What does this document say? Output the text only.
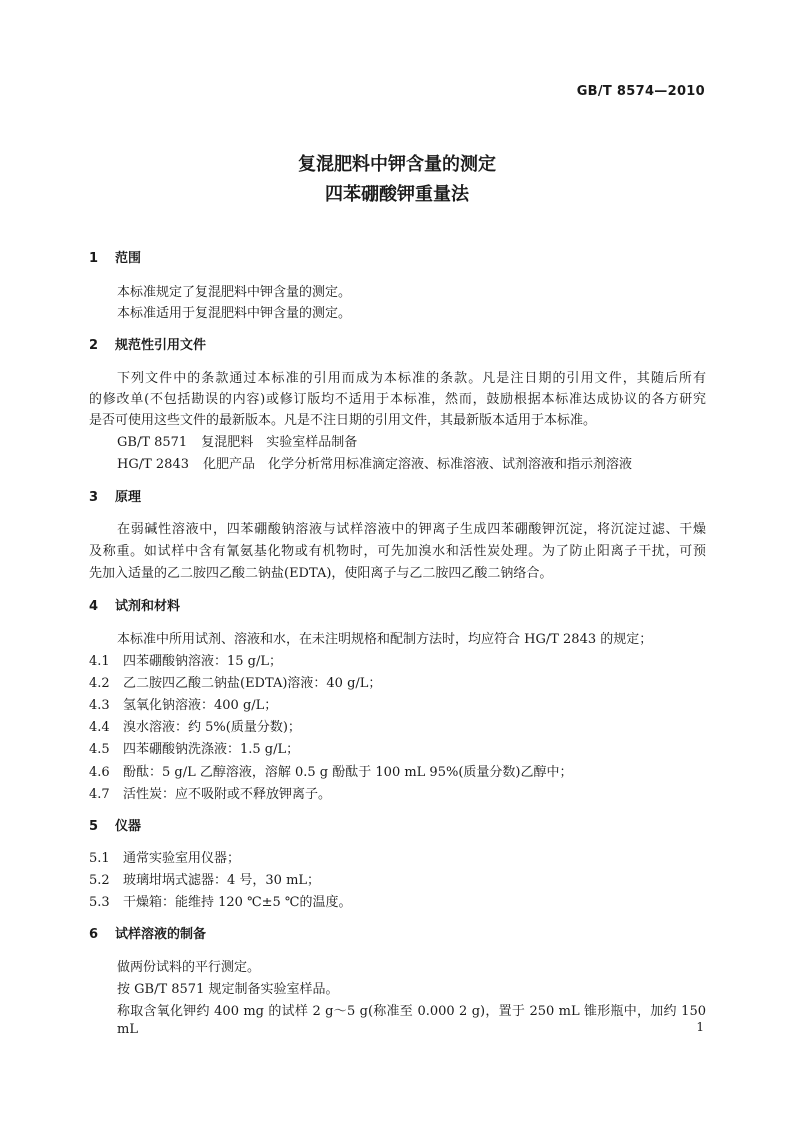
GB/T 8574—2010
复混肥料中钾含量的测定
四苯硼酸钾重量法
1 范围
本标准规定了复混肥料中钾含量的测定。
本标准适用于复混肥料中钾含量的测定。
2 规范性引用文件
下列文件中的条款通过本标准的引用而成为本标准的条款。凡是注日期的引用文件，其随后所有
的修改单(不包括勘误的内容)或修订版均不适用于本标准，然而，鼓励根据本标准达成协议的各方研究
是否可使用这些文件的最新版本。凡是不注日期的引用文件，其最新版本适用于本标准。
GB/T 8571 复混肥料　实验室样品制备
HG/T 2843 化肥产品　化学分析常用标准滴定溶液、标准溶液、试剂溶液和指示剂溶液
3 原理
在弱碱性溶液中，四苯硼酸钠溶液与试样溶液中的钾离子生成四苯硼酸钾沉淀，将沉淀过滤、干燥
及称重。如试样中含有氰氨基化物或有机物时，可先加溴水和活性炭处理。为了防止阳离子干扰，可预
先加入适量的乙二胺四乙酸二钠盐(EDTA)，使阳离子与乙二胺四乙酸二钠络合。
4 试剂和材料
本标准中所用试剂、溶液和水，在未注明规格和配制方法时，均应符合 HG/T 2843 的规定；
4.1 四苯硼酸钠溶液：15 g/L；
4.2 乙二胺四乙酸二钠盐(EDTA)溶液：40 g/L；
4.3 氢氧化钠溶液：400 g/L；
4.4 溴水溶液：约 5%(质量分数)；
4.5 四苯硼酸钠洗涤液：1.5 g/L；
4.6 酚酞：5 g/L 乙醇溶液，溶解 0.5 g 酚酞于 100 mL 95%(质量分数)乙醇中；
4.7 活性炭：应不吸附或不释放钾离子。
5 仪器
5.1 通常实验室用仪器；
5.2 玻璃坩埚式滤器：4 号，30 mL；
5.3 干燥箱：能维持 120 ℃±5 ℃的温度。
6 试样溶液的制备
做两份试料的平行测定。
按 GB/T 8571 规定制备实验室样品。
称取含氧化钾约 400 mg 的试样 2 g～5 g(称准至 0.000 2 g)，置于 250 mL 锥形瓶中，加约 150 mL	1
